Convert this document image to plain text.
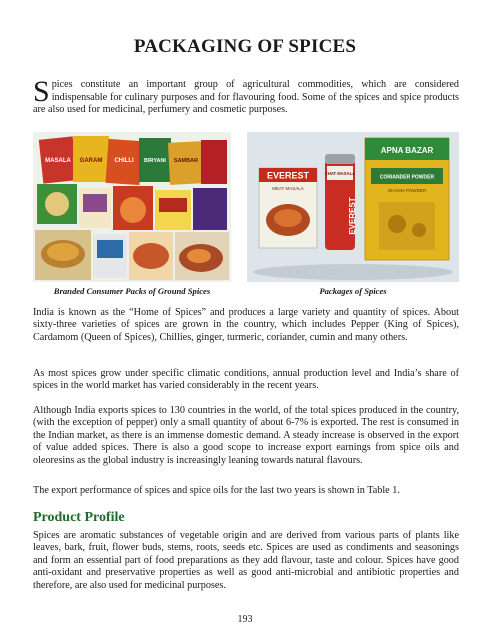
PACKAGING OF SPICES
Spices constitute an important group of agricultural commodities, which are considered indispensable for culinary purposes and for flavouring food. Some of the spices and spice products are also used for medicinal, perfumery and cosmetic purposes.
MASALA GARAM CHILLI BIRYANI SAMBAR
Branded Consumer Packs of Ground Spices
EVEREST
MEAT MASALA
CHAT MASALA
EVEREST
APNA BAZAR
CORIANDER POWDER
DHANIA POWDER
Packages of Spices

India is known as the “Home of Spices” and produces a large variety and quantity of spices. About sixty-three varieties of spices are grown in the country, which includes Pepper (King of Spices), Cardamom (Queen of Spices), Chillies, ginger, turmeric, coriander, cumin and many others.

As most spices grow under specific climatic conditions, annual production level and India’s share of spices in the world market has varied considerably in the recent years.

Although India exports spices to 130 countries in the world, of the total spices produced in the country, (with the exception of pepper) only a small quantity of about 6-7% is exported. The rest is consumed in the Indian market, as there is an immense domestic demand. A steady increase is observed in the export of value added spices. There is also a good scope to increase export earnings from spice oils and oleoresins as the global industry is increasingly leaning towards natural flavours.

The export performance of spices and spice oils for the last two years is shown in Table 1.

Product Profile

Spices are aromatic substances of vegetable origin and are derived from various parts of plants like leaves, bark, fruit, flower buds, stems, roots, seeds etc. Spices are used as condiments and seasonings and form an essential part of food preparations as they add flavour, taste and colour. Spices have good anti-oxidant and preservative properties as well as good anti-microbial and antibiotic properties and therefore, are also used for medicinal purposes.

193
